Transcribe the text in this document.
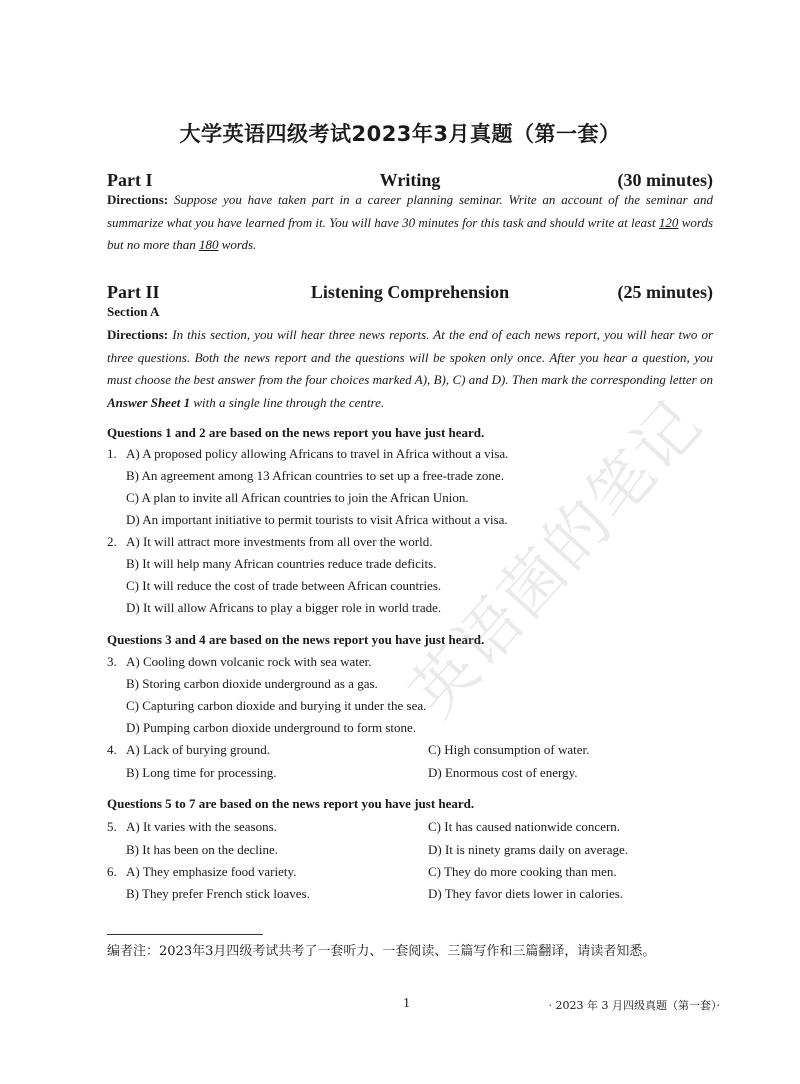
大学英语四级考试2023年3月真题（第一套）
Writing
Part I	(30 minutes)
Directions: Suppose you have taken part in a career planning seminar. Write an account of the seminar and summarize what you have learned from it. You will have 30 minutes for this task and should write at least 120 words but no more than 180 words.
Listening Comprehension
Part II	(25 minutes)
Section A
Directions: In this section, you will hear three news reports. At the end of each news report, you will hear two or three questions. Both the news report and the questions will be spoken only once. After you hear a question, you must choose the best answer from the four choices marked A), B), C) and D). Then mark the corresponding letter on Answer Sheet 1 with a single line through the centre.
Questions 1 and 2 are based on the news report you have just heard.
1. A) A proposed policy allowing Africans to travel in Africa without a visa.
B) An agreement among 13 African countries to set up a free-trade zone.
C) A plan to invite all African countries to join the African Union.
D) An important initiative to permit tourists to visit Africa without a visa.
2. A) It will attract more investments from all over the world.
B) It will help many African countries reduce trade deficits.
C) It will reduce the cost of trade between African countries.
D) It will allow Africans to play a bigger role in world trade.
Questions 3 and 4 are based on the news report you have just heard.
3. A) Cooling down volcanic rock with sea water.
B) Storing carbon dioxide underground as a gas.
C) Capturing carbon dioxide and burying it under the sea.
D) Pumping carbon dioxide underground to form stone.
4. A) Lack of burying ground.
B) Long time for processing.
C) High consumption of water.
D) Enormous cost of energy.
Questions 5 to 7 are based on the news report you have just heard.
5. A) It varies with the seasons.
B) It has been on the decline.
C) It has caused nationwide concern.
D) It is ninety grams daily on average.
6. A) They emphasize food variety.
B) They prefer French stick loaves.
C) They do more cooking than men.
D) They favor diets lower in calories.
编者注：2023年3月四级考试共考了一套听力、一套阅读、三篇写作和三篇翻译，请读者知悉。
1	· 2023 年 3 月四级真题（第一套）·
英语菌的笔记
